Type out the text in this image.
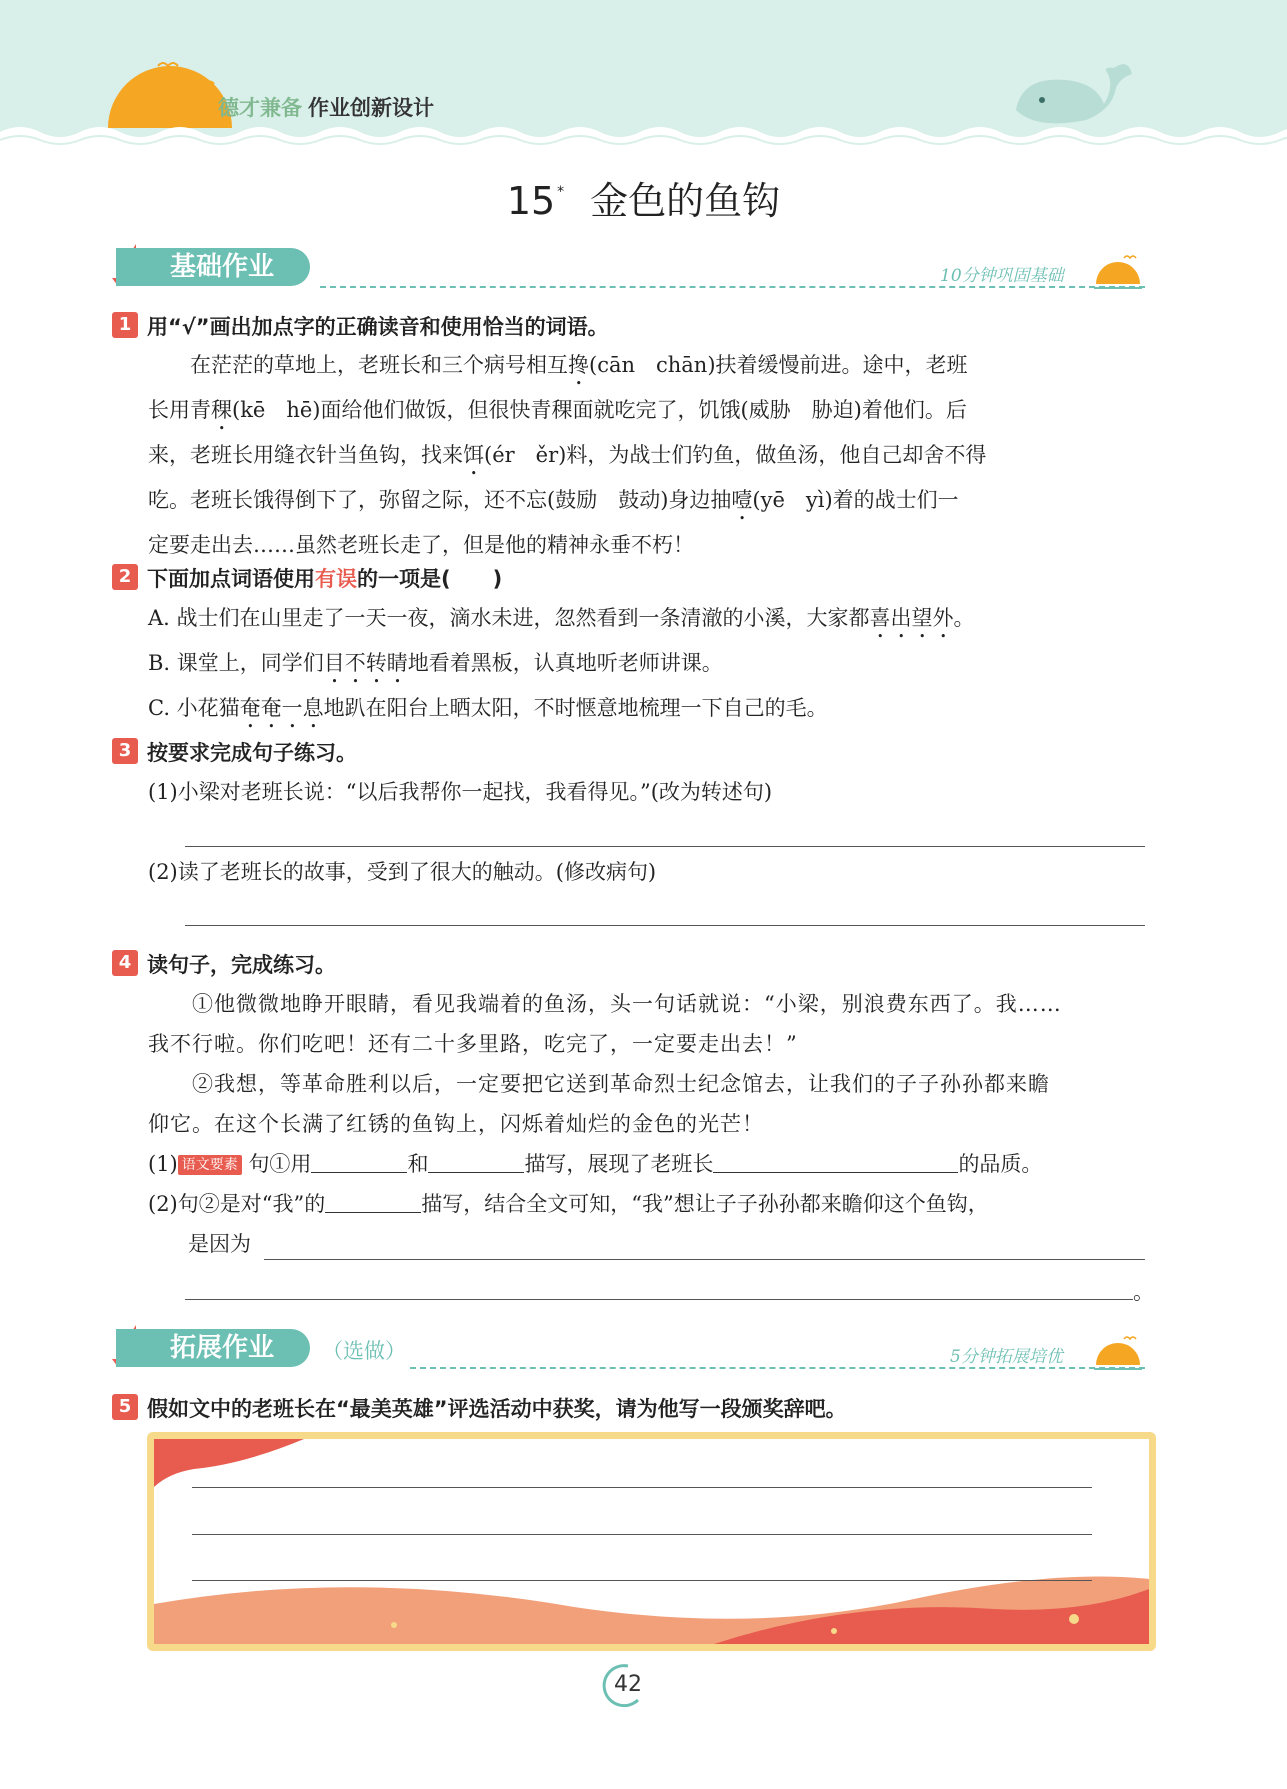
德才兼备 作业创新设计
15 * 金色的鱼钩
基础作业	10分钟巩固基础
1 用“√”画出加点字的正确读音和使用恰当的词语。
　　在茫茫的草地上，老班长和三个病号相互搀(cān　chān)扶着缓慢前进。途中，老班
长用青稞(kē　hē)面给他们做饭，但很快青稞面就吃完了，饥饿(威胁　胁迫)着他们。后
来，老班长用缝衣针当鱼钩，找来饵(ér　ěr)料，为战士们钓鱼，做鱼汤，他自己却舍不得
吃。老班长饿得倒下了，弥留之际，还不忘(鼓励　鼓动)身边抽噎(yē　yì)着的战士们一
定要走出去……虽然老班长走了，但是他的精神永垂不朽！
2 下面加点词语使用有误的一项是(　　)
A. 战士们在山里走了一天一夜，滴水未进，忽然看到一条清澈的小溪，大家都喜出望外。
B. 课堂上，同学们目不转睛地看着黑板，认真地听老师讲课。
C. 小花猫奄奄一息地趴在阳台上晒太阳，不时惬意地梳理一下自己的毛。
3 按要求完成句子练习。
(1)小梁对老班长说：“以后我帮你一起找，我看得见。”(改为转述句)
(2)读了老班长的故事，受到了很大的触动。(修改病句)
4 读句子，完成练习。
　　①他微微地睁开眼睛，看见我端着的鱼汤，头一句话就说：“小梁，别浪费东西了。我……
我不行啦。你们吃吧！还有二十多里路，吃完了，一定要走出去！”
　　②我想，等革命胜利以后，一定要把它送到革命烈士纪念馆去，让我们的子子孙孙都来瞻
仰它。在这个长满了红锈的鱼钩上，闪烁着灿烂的金色的光芒！
(1) 语文要素 句①用	和	描写，展现了老班长	的品质。
(2)句②是对“我”的	描写，结合全文可知，“我”想让子子孙孙都来瞻仰这个鱼钩，
是因为
。
拓展作业	（选做）	5分钟拓展培优
5 假如文中的老班长在“最美英雄”评选活动中获奖，请为他写一段颁奖辞吧。
42
